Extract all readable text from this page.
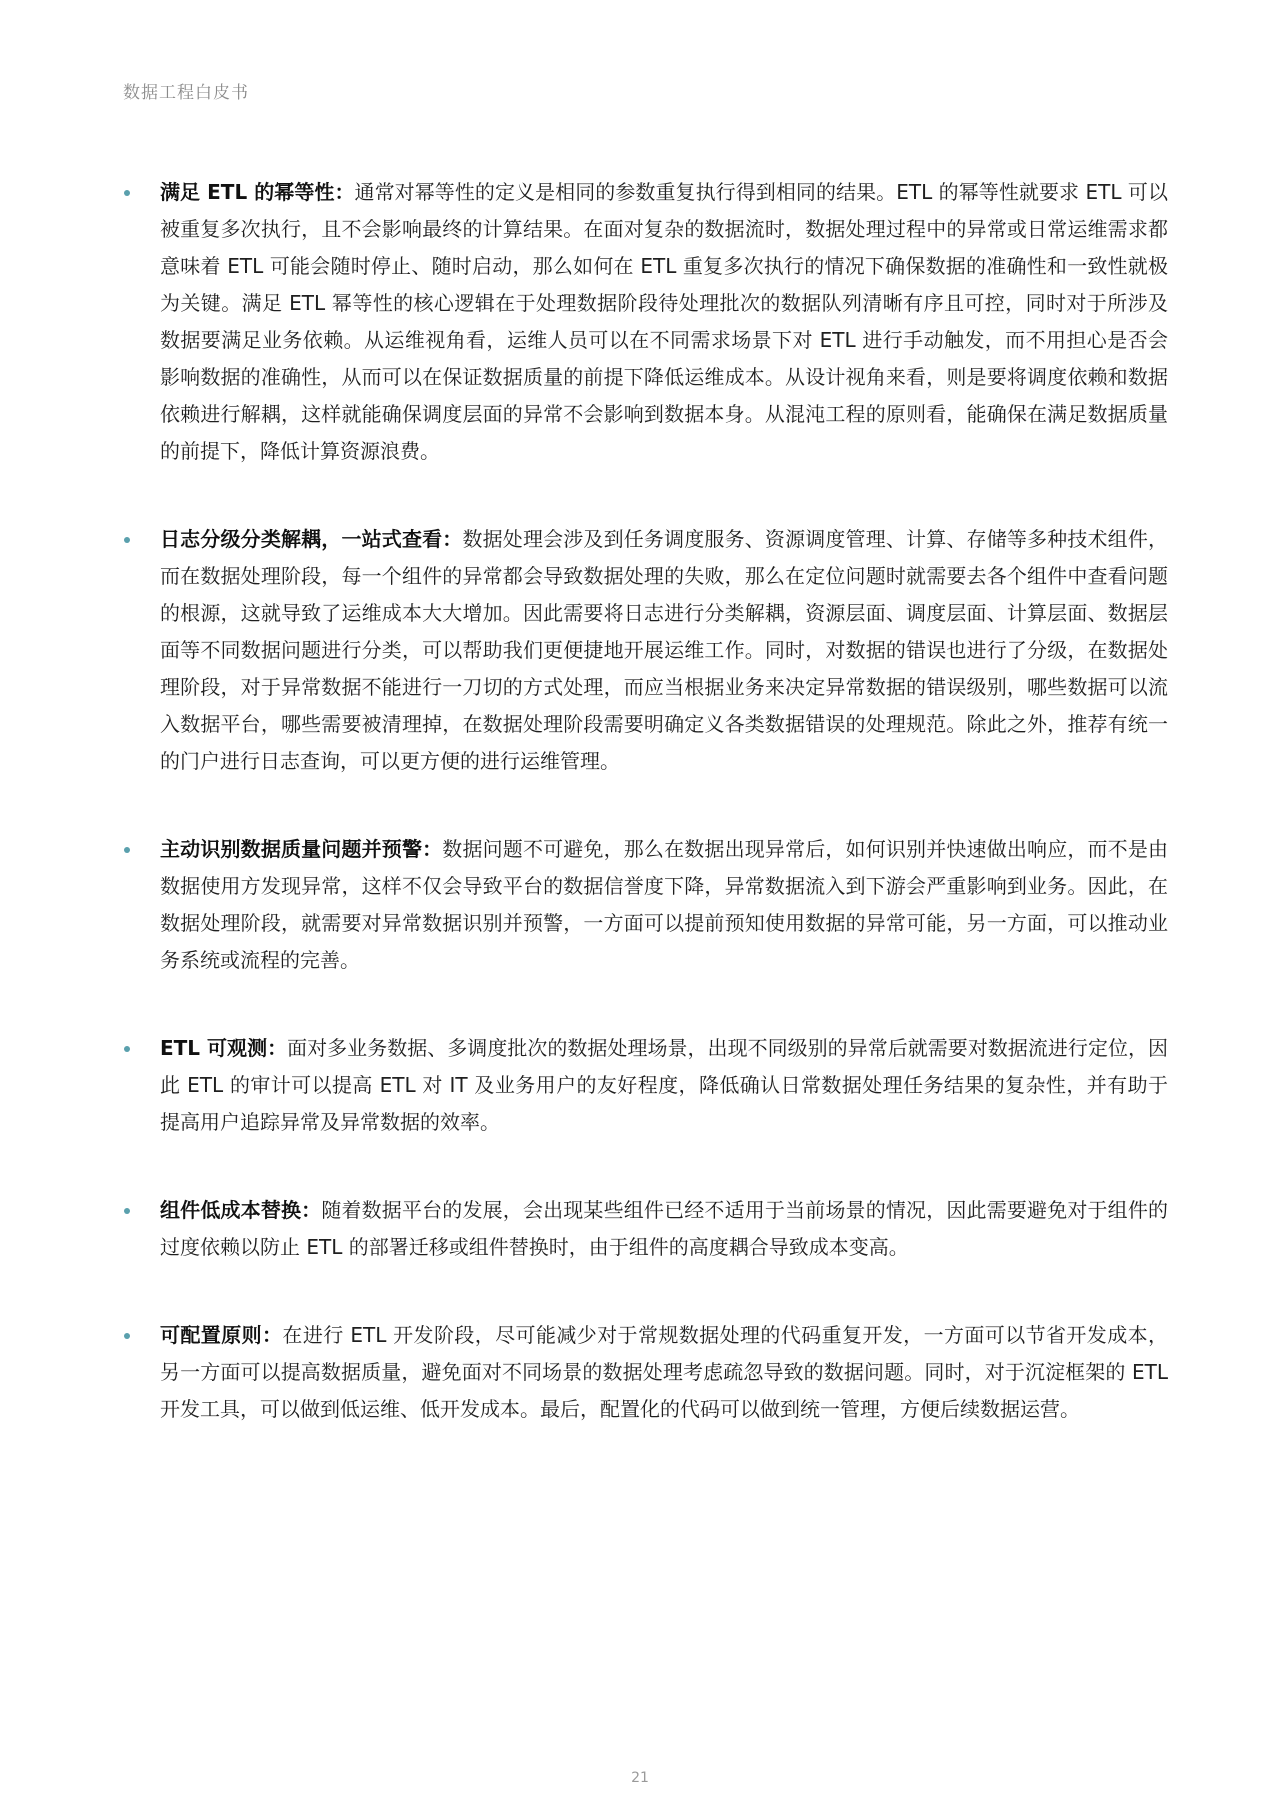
数据工程白皮书
满足 ETL 的幂等性：通常对幂等性的定义是相同的参数重复执行得到相同的结果。ETL 的幂等性就要求 ETL 可以被重复多次执行，且不会影响最终的计算结果。在面对复杂的数据流时，数据处理过程中的异常或日常运维需求都意味着 ETL 可能会随时停止、随时启动，那么如何在 ETL 重复多次执行的情况下确保数据的准确性和一致性就极为关键。满足 ETL 幂等性的核心逻辑在于处理数据阶段待处理批次的数据队列清晰有序且可控，同时对于所涉及数据要满足业务依赖。从运维视角看，运维人员可以在不同需求场景下对 ETL 进行手动触发，而不用担心是否会影响数据的准确性，从而可以在保证数据质量的前提下降低运维成本。从设计视角来看，则是要将调度依赖和数据依赖进行解耦，这样就能确保调度层面的异常不会影响到数据本身。从混沌工程的原则看，能确保在满足数据质量的前提下，降低计算资源浪费。
日志分级分类解耦，一站式查看：数据处理会涉及到任务调度服务、资源调度管理、计算、存储等多种技术组件，而在数据处理阶段，每一个组件的异常都会导致数据处理的失败，那么在定位问题时就需要去各个组件中查看问题的根源，这就导致了运维成本大大增加。因此需要将日志进行分类解耦，资源层面、调度层面、计算层面、数据层面等不同数据问题进行分类，可以帮助我们更便捷地开展运维工作。同时，对数据的错误也进行了分级，在数据处理阶段，对于异常数据不能进行一刀切的方式处理，而应当根据业务来决定异常数据的错误级别，哪些数据可以流入数据平台，哪些需要被清理掉，在数据处理阶段需要明确定义各类数据错误的处理规范。除此之外，推荐有统一的门户进行日志查询，可以更方便的进行运维管理。
主动识别数据质量问题并预警：数据问题不可避免，那么在数据出现异常后，如何识别并快速做出响应，而不是由数据使用方发现异常，这样不仅会导致平台的数据信誉度下降，异常数据流入到下游会严重影响到业务。因此，在数据处理阶段，就需要对异常数据识别并预警，一方面可以提前预知使用数据的异常可能，另一方面，可以推动业务系统或流程的完善。
ETL 可观测：面对多业务数据、多调度批次的数据处理场景，出现不同级别的异常后就需要对数据流进行定位，因此 ETL 的审计可以提高 ETL 对 IT 及业务用户的友好程度，降低确认日常数据处理任务结果的复杂性，并有助于提高用户追踪异常及异常数据的效率。
组件低成本替换：随着数据平台的发展，会出现某些组件已经不适用于当前场景的情况，因此需要避免对于组件的过度依赖以防止 ETL 的部署迁移或组件替换时，由于组件的高度耦合导致成本变高。
可配置原则：在进行 ETL 开发阶段，尽可能减少对于常规数据处理的代码重复开发，一方面可以节省开发成本，另一方面可以提高数据质量，避免面对不同场景的数据处理考虑疏忽导致的数据问题。同时，对于沉淀框架的 ETL 开发工具，可以做到低运维、低开发成本。最后，配置化的代码可以做到统一管理，方便后续数据运营。
21
